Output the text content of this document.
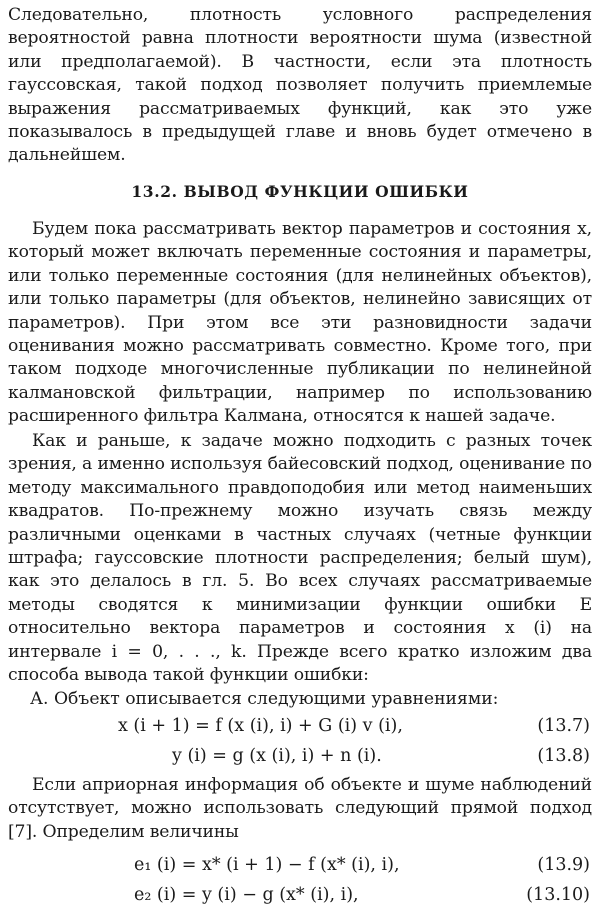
Следовательно, плотность условного распределения вероятностой равна плотности вероятности шума (известной или предполагаемой). В частности, если эта плотность гауссовская, такой подход позволяет получить приемлемые выражения рассматриваемых функций, как это уже показывалось в предыдущей главе и вновь будет отмечено в дальнейшем.

13.2. ВЫВОД ФУНКЦИИ ОШИБКИ

Будем пока рассматривать вектор параметров и состояния x, который может включать переменные состояния и параметры, или только переменные состояния (для нелинейных объектов), или только параметры (для объектов, нелинейно зависящих от параметров). При этом все эти разновидности задачи оценивания можно рассматривать совместно. Кроме того, при таком подходе многочисленные публикации по нелинейной калмановской фильтрации, например по использованию расширенного фильтра Калмана, относятся к нашей задаче.

Как и раньше, к задаче можно подходить с разных точек зрения, а именно используя байесовский подход, оценивание по методу максимального правдоподобия или метод наименьших квадратов. По-прежнему можно изучать связь между различными оценками в частных случаях (четные функции штрафа; гауссовские плотности распределения; белый шум), как это делалось в гл. 5. Во всех случаях рассматриваемые методы сводятся к минимизации функции ошибки E относительно вектора параметров и состояния x (i) на интервале i = 0, . . ., k. Прежде всего кратко изложим два способа вывода такой функции ошибки:

А. Объект описывается следующими уравнениями:
x (i + 1) = f (x (i), i) + G (i) v (i),	(13.7)
y (i) = g (x (i), i) + n (i).	(13.8)

Если априорная информация об объекте и шуме наблюдений отсутствует, можно использовать следующий прямой подход [7]. Определим величины

e₁ (i) = x* (i + 1) − f (x* (i), i),	(13.9)
e₂ (i) = y (i) − g (x* (i), i),	(13.10)
